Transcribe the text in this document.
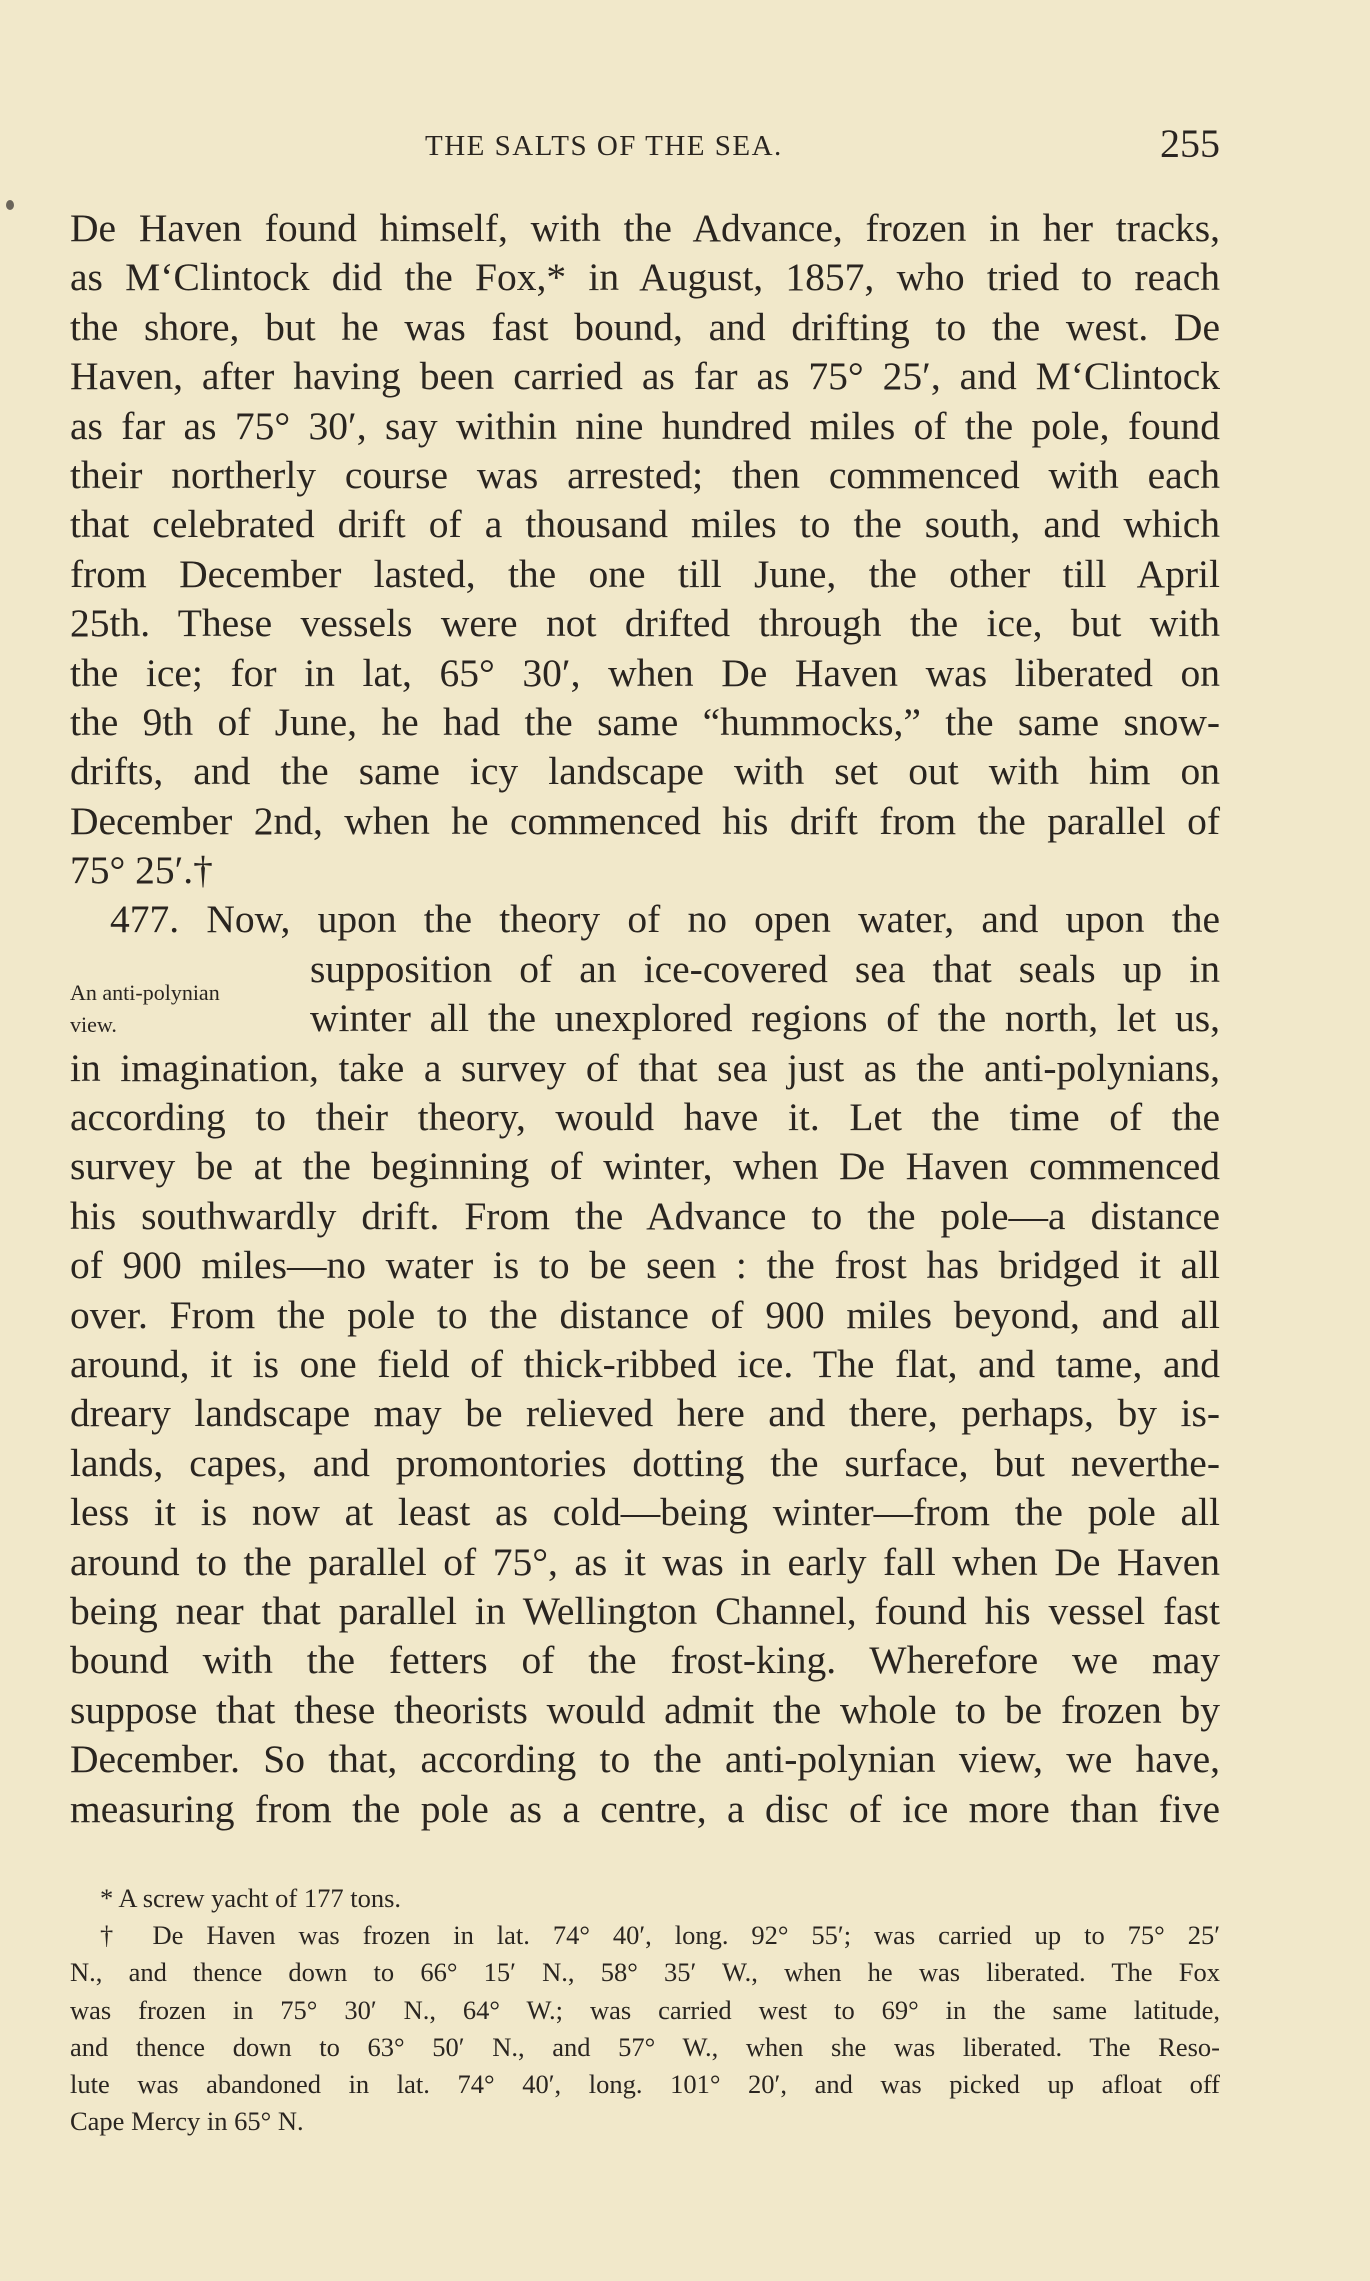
THE SALTS OF THE SEA.	255
De Haven found himself, with the Advance, frozen in her tracks,
as M‘Clintock did the Fox,* in August, 1857, who tried to reach
the shore, but he was fast bound, and drifting to the west. De
Haven, after having been carried as far as 75° 25′, and M‘Clintock
as far as 75° 30′, say within nine hundred miles of the pole, found
their northerly course was arrested; then commenced with each
that celebrated drift of a thousand miles to the south, and which
from December lasted, the one till June, the other till April
25th. These vessels were not drifted through the ice, but with
the ice; for in lat, 65° 30′, when De Haven was liberated on
the 9th of June, he had the same “hummocks,” the same snow-
drifts, and the same icy landscape with set out with him on
December 2nd, when he commenced his drift from the parallel of
75° 25′.†
477. Now, upon the theory of no open water, and upon the
supposition of an ice-covered sea that seals up in
winter all the unexplored regions of the north, let us,
in imagination, take a survey of that sea just as the anti-polynians,
according to their theory, would have it. Let the time of the
survey be at the beginning of winter, when De Haven commenced
his southwardly drift. From the Advance to the pole—a distance
of 900 miles—no water is to be seen : the frost has bridged it all
over. From the pole to the distance of 900 miles beyond, and all
around, it is one field of thick-ribbed ice. The flat, and tame, and
dreary landscape may be relieved here and there, perhaps, by is-
lands, capes, and promontories dotting the surface, but neverthe-
less it is now at least as cold—being winter—from the pole all
around to the parallel of 75°, as it was in early fall when De Haven
being near that parallel in Wellington Channel, found his vessel fast
bound with the fetters of the frost-king. Wherefore we may
suppose that these theorists would admit the whole to be frozen by
December. So that, according to the anti-polynian view, we have,
measuring from the pole as a centre, a disc of ice more than five
An anti-polynian
view.
* A screw yacht of 177 tons.
† De Haven was frozen in lat. 74° 40′, long. 92° 55′; was carried up to 75° 25′
N., and thence down to 66° 15′ N., 58° 35′ W., when he was liberated. The Fox
was frozen in 75° 30′ N., 64° W.; was carried west to 69° in the same latitude,
and thence down to 63° 50′ N., and 57° W., when she was liberated. The Reso-
lute was abandoned in lat. 74° 40′, long. 101° 20′, and was picked up afloat off
Cape Mercy in 65° N.
